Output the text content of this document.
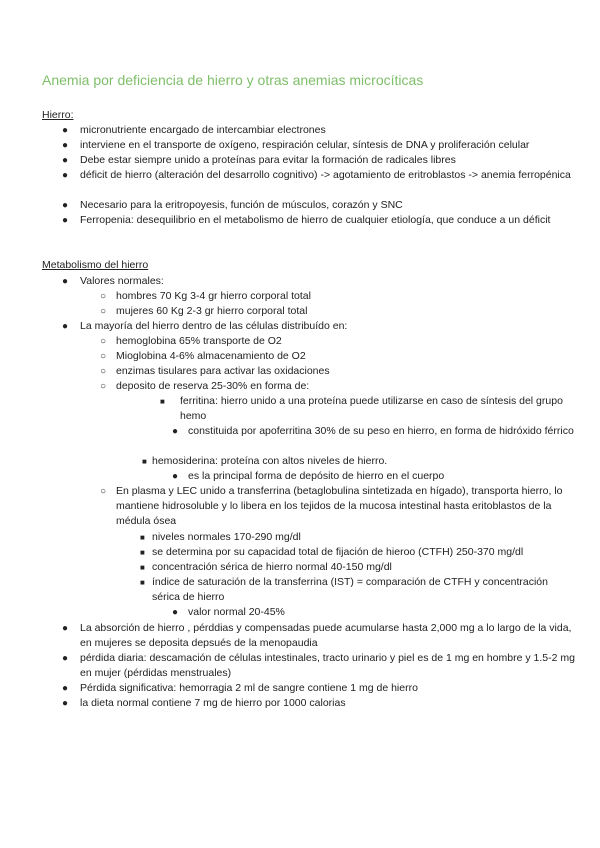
Anemia por deficiencia de hierro y otras anemias microcíticas

Hierro:

● micronutriente encargado de intercambiar electrones
● interviene en el transporte de oxígeno, respiración celular, síntesis de DNA y proliferación celular
● Debe estar siempre unido a proteínas para evitar la formación de radicales libres
● déficit de hierro (alteración del desarrollo cognitivo) -> agotamiento de eritroblastos -> anemia ferropénica
● Necesario para la eritropoyesis, función de músculos, corazón y SNC
● Ferropenia: desequilibrio en el metabolismo de hierro de cualquier etiología, que conduce a un déficit

Metabolismo del hierro

● Valores normales:
○ hombres 70 Kg 3-4 gr hierro corporal total
○ mujeres 60 Kg 2-3 gr hierro corporal total
● La mayoría del hierro dentro de las células distribuído en:
○ hemoglobina 65% transporte de O2
○ Mioglobina 4-6% almacenamiento de O2
○ enzimas tisulares para activar las oxidaciones
○ deposito de reserva 25-30% en forma de:
■ ferritina: hierro unido a una proteína puede utilizarse en caso de síntesis del grupo hemo
● constituida por apoferritina 30% de su peso en hierro, en forma de hidróxido férrico
■ hemosiderina: proteína con altos niveles de hierro.
● es la principal forma de depósito de hierro en el cuerpo
○ En plasma y LEC unido a transferrina (betaglobulina sintetizada en hígado), transporta hierro, lo mantiene hidrosoluble y lo libera en los tejidos de la mucosa intestinal hasta eritoblastos de la médula ósea
■ niveles normales 170-290 mg/dl
■ se determina por su capacidad total de fijación de hieroo (CTFH) 250-370 mg/dl
■ concentración sérica de hierro normal 40-150 mg/dl
■ índice de saturación de la transferrina (IST) = comparación de CTFH y concentración sérica de hierro
● valor normal 20-45%
● La absorción de hierro , pérddias y compensadas puede acumularse hasta 2,000 mg a lo largo de la vida, en mujeres se deposita depsués de la menopaudia
● pérdida diaria: descamación de células intestinales, tracto urinario y piel es de 1 mg en hombre y 1.5-2 mg en mujer (pérdidas menstruales)
● Pérdida significativa: hemorragia 2 ml de sangre contiene 1 mg de hierro
● la dieta normal contiene 7 mg de hierro por 1000 calorias
